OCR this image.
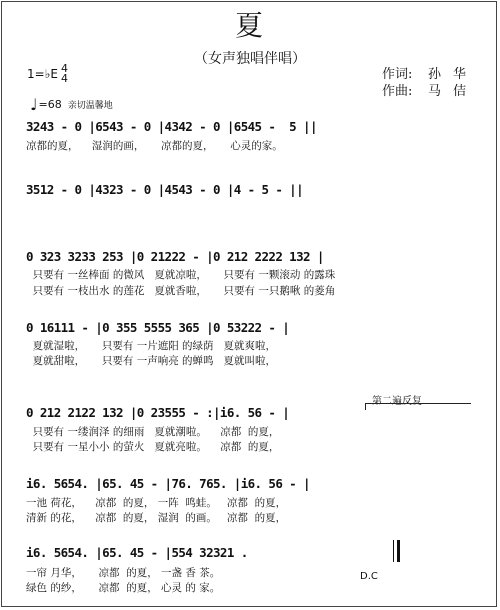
夏
（女声独唱伴唱）
1=♭E 4
4	作词: 孙华
作曲: 马佶
♩ =68 亲切温馨地
3243 - 0 |6543 - 0 |4342 - 0 |6545 -  5 ||
凉都的夏，    湿润的画，     凉都的夏，     心灵的家。
3512 - 0 |4323 - 0 |4543 - 0 |4 - 5 - ||
0 323 3233 253 |0 21222 - |0 212 2222 132 |
只要有 一丝棒面 的微风   夏就凉啦，     只要有 一颗滚动 的露珠
只要有 一枝出水 的莲花   夏就香啦，     只要有 一只鹅啾 的菱角
0 16111 - |0 355 5555 365 |0 53222 - |
夏就湿啦，     只要有 一片遮阳 的绿荫   夏就爽啦，
夏就甜啦，     只要有 一声响亮 的蝉鸣   夏就叫啦，
第二遍反复
0 212 2122 132 |0 23555 - :|i6. 56 - |
只要有 一缕润泽 的细雨   夏就潮啦。    凉都  的夏，
只要有 一星小小 的萤火   夏就亮啦。    凉都  的夏，
i6. 5654. |65. 45 - |76. 765. |i6. 56 - |
一池 荷花，    凉都  的夏， 一阵  鸣蛙。   凉都  的夏，
清新 的花，    凉都  的夏， 湿润  的画。   凉都  的夏，
i6. 5654. |65. 45 - |554 32321 .
一帘 月华，     凉都  的夏， 一盏 香 茶。
绿色 的纱，     凉都  的夏， 心灵 的 家。
D.C
